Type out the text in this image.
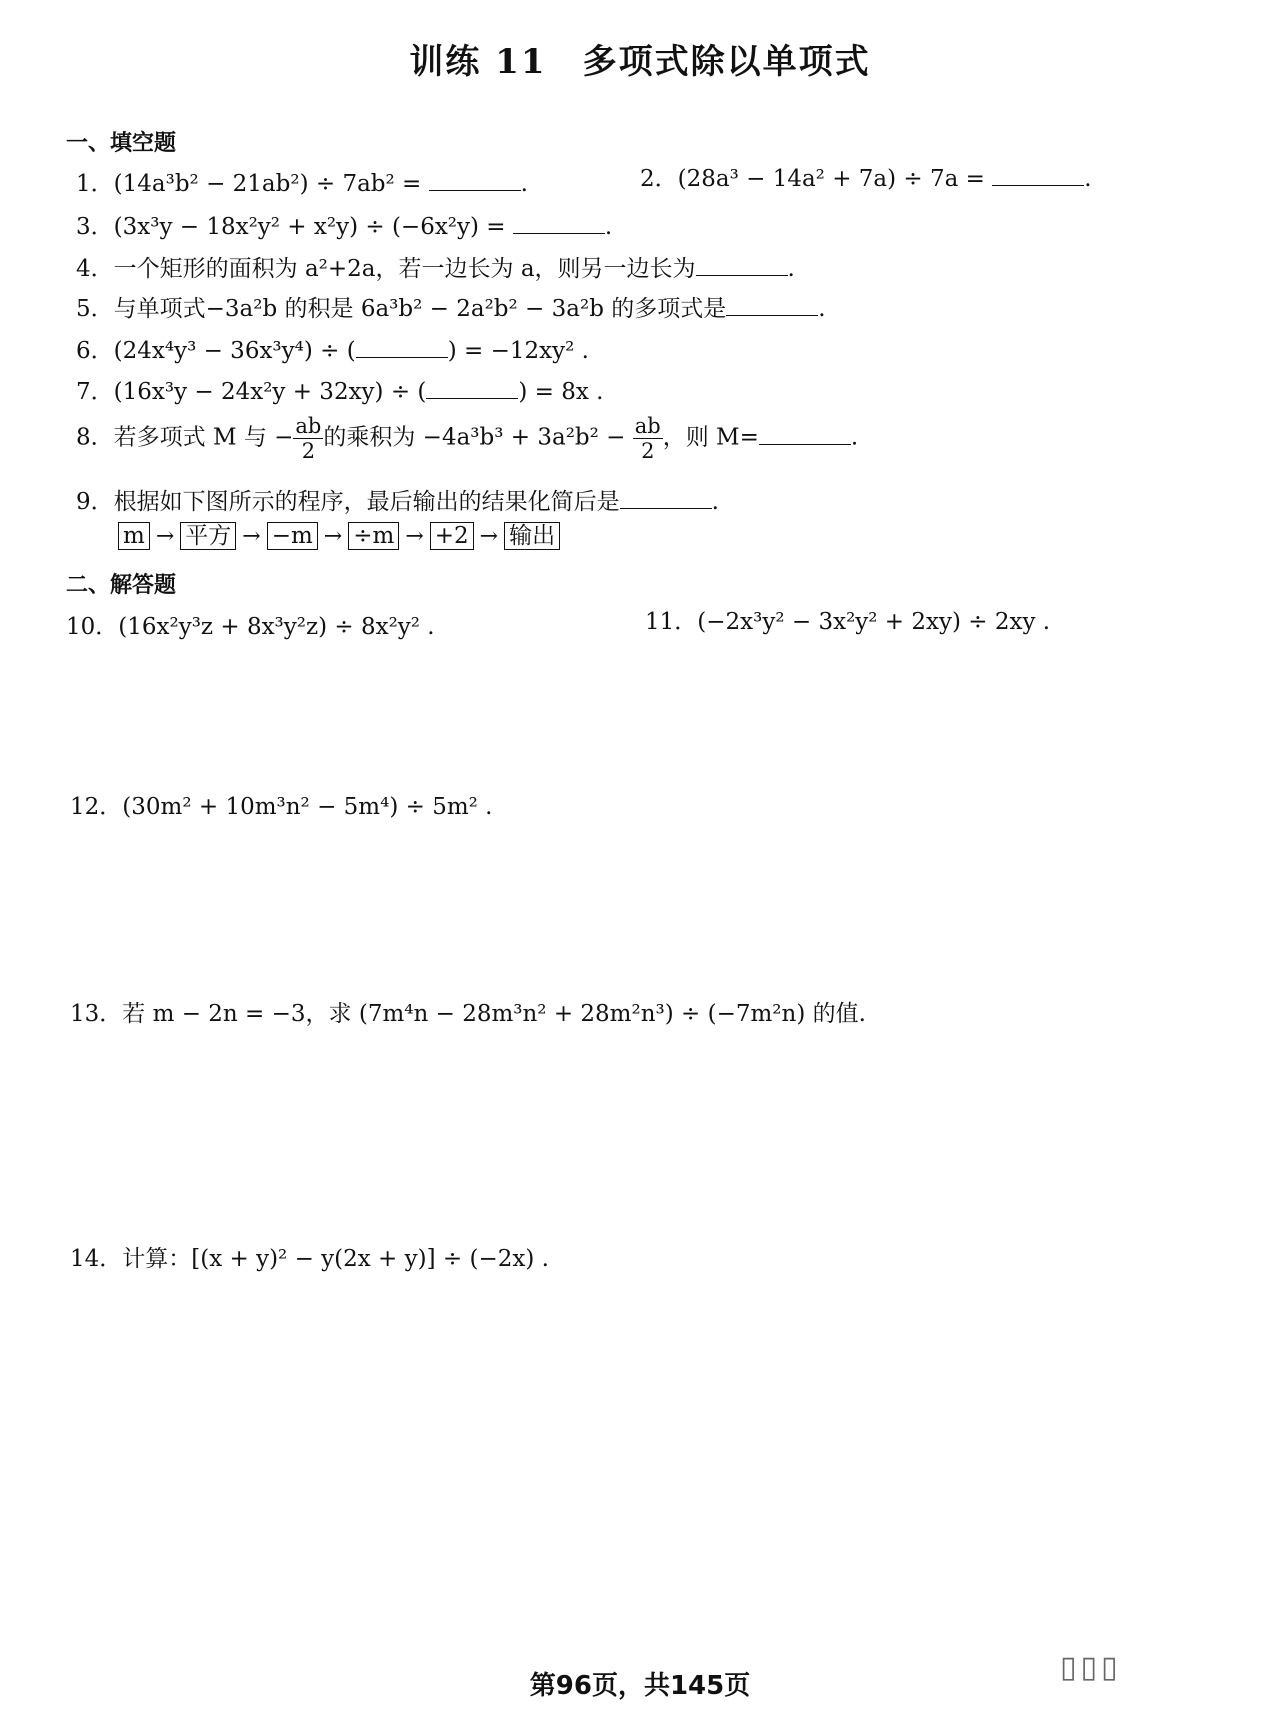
训练 11　多项式除以单项式
一、填空题
1．(14a³b² − 21ab²) ÷ 7ab² =	.	2．(28a³ − 14a² + 7a) ÷ 7a =	.
3．(3x³y − 18x²y² + x²y) ÷ (−6x²y) =	.
4．一个矩形的面积为 a²+2a，若一边长为 a，则另一边长为	.
5．与单项式−3a²b 的积是 6a³b² − 2a²b² − 3a²b 的多项式是	.
6．(24x⁴y³ − 36x³y⁴) ÷ (	) = −12xy² .
7．(16x³y − 24x²y + 32xy) ÷ (	) = 8x .
8．若多项式 M 与 − $\frac{ab}{2}$ 的乘积为 $-4a^3b^3 + 3a^2b^2 - \frac{ab}{2}$ ，则 M=	.
9．根据如下图所示的程序，最后输出的结果化简后是	.
m → 平方 → −m → ÷m → +2 → 输出
二、解答题
10．(16x²y³z + 8x³y²z) ÷ 8x²y² .	11．(−2x³y² − 3x²y² + 2xy) ÷ 2xy .
12．(30m² + 10m³n² − 5m⁴) ÷ 5m² .
13．若 m − 2n = −3，求 (7m⁴n − 28m³n² + 28m²n³) ÷ (−7m²n) 的值.
14．计算：[(x + y)² − y(2x + y)] ÷ (−2x) .
第96页，共145页
▯▯▯
